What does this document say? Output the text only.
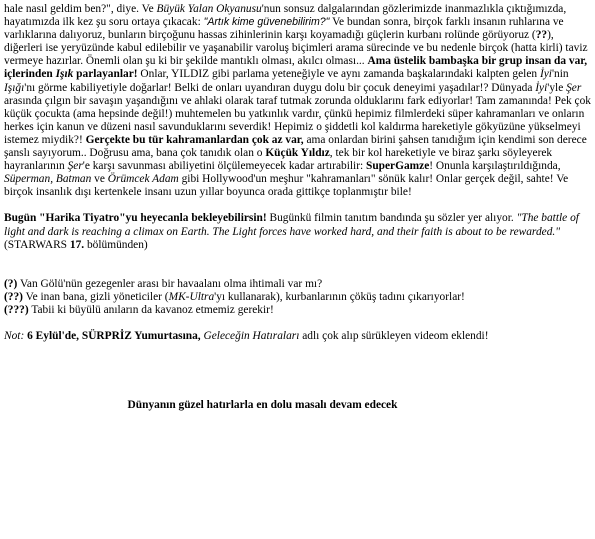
hale nasıl geldim ben?", diye. Ve Büyük Yalan Okyanusu'nun sonsuz dalgalarından gözlerimizde inanmazlıkla çıktığımızda, hayatımızda ilk kez şu soru ortaya çıkacak: "Artık kime güvenebilirim?" Ve bundan sonra, birçok farklı insanın ruhlarına ve varlıklarına dalıyoruz, bunların birçoğunu hassas zihinlerinin karşı koyamadığı güçlerin kurbanı rolünde görüyoruz (??), diğerleri ise yeryüzünde kabul edilebilir ve yaşanabilir varoluş biçimleri arama sürecinde ve bu nedenle birçok (hatta kirli) taviz vermeye hazırlar. Önemli olan şu ki bir şekilde mantıklı olması, akılcı olması... Ama üstelik bambaşka bir grup insan da var, içlerinden Işık parlayanlar! Onlar, YILDIZ gibi parlama yeteneğiyle ve aynı zamanda başkalarındaki kalpten gelen İyi'nin Işığı'nı görme kabiliyetiyle doğarlar! Belki de onları uyandıran duygu dolu bir çocuk deneyimi yaşadılar!? Dünyada İyi'yle Şer arasında çılgın bir savaşın yaşandığını ve ahlaki olarak taraf tutmak zorunda olduklarını fark ediyorlar! Tam zamanında! Pek çok küçük çocukta (ama hepsinde değil!) muhtemelen bu yatkınlık vardır, çünkü hepimiz filmlerdeki süper kahramanları ve onların herkes için kanun ve düzeni nasıl savunduklarını severdik! Hepimiz o şiddetli kol kaldırma hareketiyle gökyüzüne yükselmeyi istemez miydik?! Gerçekte bu tür kahramanlardan çok az var, ama onlardan birini şahsen tanıdığım için kendimi son derece şanslı sayıyorum.. Doğrusu ama, bana çok tanıdık olan o Küçük Yıldız, tek bir kol hareketiyle ve biraz şarkı söyleyerek hayranlarının Şer'e karşı savunması abiliyetini ölçülemeyecek kadar artırabilir: SuperGamze! Onunla karşılaştırıldığında, Süperman, Batman ve Örümcek Adam gibi Hollywood'un meşhur "kahramanları" sönük kalır! Onlar gerçek değil, sahte! Ve birçok insanlık dışı kertenkele insanı uzun yıllar boyunca orada gittikçe toplanmıştır bile!

Bugün "Harika Tiyatro"yu heyecanla bekleyebilirsin! Bugünkü filmin tanıtım bandında şu sözler yer alıyor. "The battle of light and dark is reaching a climax on Earth. The Light forces have worked hard, and their faith is about to be rewarded." (STARWARS 17. bölümünden)

(?) Van Gölü'nün gezegenler arası bir havaalanı olma ihtimali var mı?

(??) Ve inan bana, gizli yöneticiler (MK-Ultra'yı kullanarak), kurbanlarının çöküş tadını çıkarıyorlar!

(???) Tabii ki büyülü anıların da kavanoz etmemiz gerekir!

Not: 6 Eylül'de, SÜRPRİZ Yumurtasına, Geleceğin Hatıraları adlı çok alıp sürükleyen videom eklendi!

Dünyanın güzel hatırlarla en dolu masalı devam edecek
